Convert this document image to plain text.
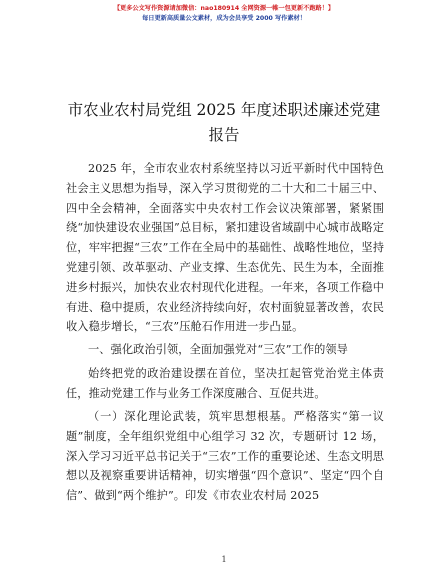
【更多公文写作资源请加微信：nao180914 全网资源一帷一包更新不跑路！】
每日更新高质量公文素材，成为会员享受 2000 写作素材！
市农业农村局党组 2025 年度述职述廉述党建报告

2025 年，全市农业农村系统坚持以习近平新时代中国特色社会主义思想为指导，深入学习贯彻党的二十大和二十届三中、四中全会精神，全面落实中央农村工作会议决策部署，紧紧围绕“加快建设农业强国”总目标，紧扣建设省域副中心城市战略定位，牢牢把握“三农”工作在全局中的基础性、战略性地位，坚持党建引领、改革驱动、产业支撑、生态优先、民生为本，全面推进乡村振兴，加快农业农村现代化进程。一年来，各项工作稳中有进、稳中提质，农业经济持续向好，农村面貌显著改善，农民收入稳步增长，“三农”压舱石作用进一步凸显。

一、强化政治引领，全面加强党对“三农”工作的领导

始终把党的政治建设摆在首位，坚决扛起管党治党主体责任，推动党建工作与业务工作深度融合、互促共进。

（一）深化理论武装，筑牢思想根基。严格落实“第一议题”制度，全年组织党组中心组学习 32 次，专题研讨 12 场，深入学习习近平总书记关于“三农”工作的重要论述、生态文明思想以及视察重要讲话精神，切实增强“四个意识”、坚定“四个自信”、做到“两个维护”。印发《市农业农村局 2025

1
